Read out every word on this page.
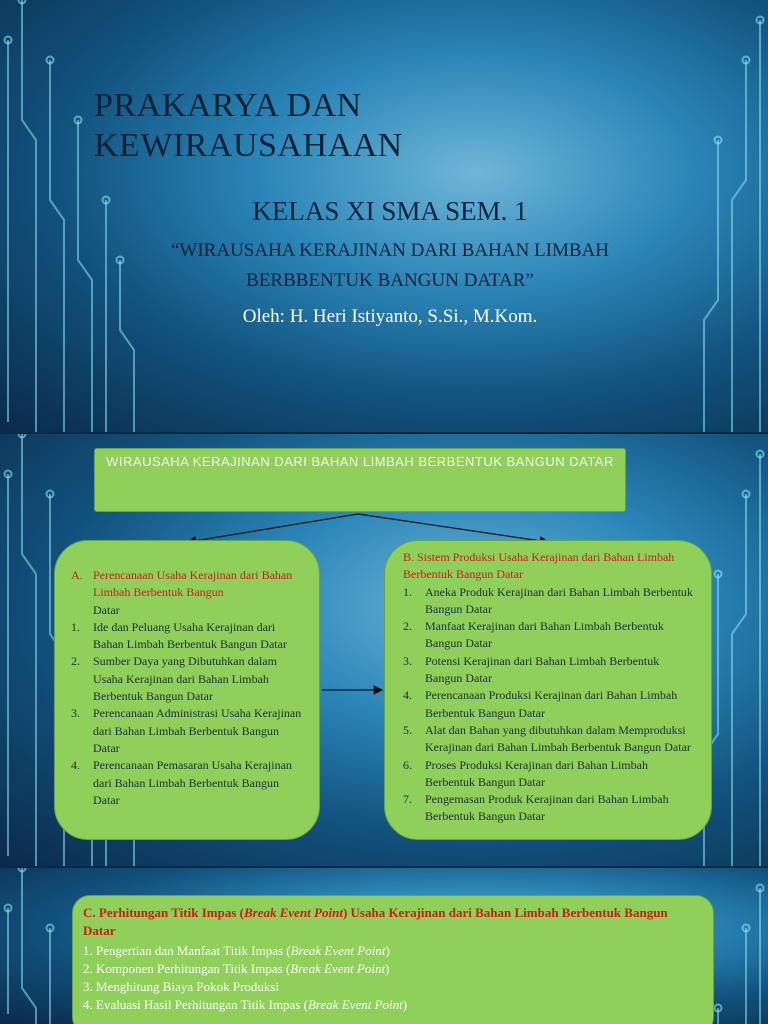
PRAKARYA DAN KEWIRAUSAHAAN

KELAS XI SMA SEM. 1

“WIRAUSAHA KERAJINAN DARI BAHAN LIMBAH
BERBBENTUK BANGUN DATAR”

Oleh: H. Heri Istiyanto, S.Si., M.Kom.

WIRAUSAHA KERAJINAN DARI BAHAN LIMBAH BERBENTUK BANGUN DATAR
A. Perencanaan Usaha Kerajinan dari Bahan Limbah Berbentuk Bangun
Datar
1. Ide dan Peluang Usaha Kerajinan dari Bahan Limbah Berbentuk Bangun Datar
2. Sumber Daya yang Dibutuhkan dalam Usaha Kerajinan dari Bahan Limbah Berbentuk Bangun Datar
3. Perencanaan Administrasi Usaha Kerajinan dari Bahan Limbah Berbentuk Bangun Datar
4. Perencanaan Pemasaran Usaha Kerajinan dari Bahan Limbah Berbentuk Bangun Datar

B. Sistem Produksi Usaha Kerajinan dari Bahan Limbah Berbentuk Bangun Datar

1. Aneka Produk Kerajinan dari Bahan Limbah Berbentuk Bangun Datar
2. Manfaat Kerajinan dari Bahan Limbah Berbentuk Bangun Datar
3. Potensi Kerajinan dari Bahan Limbah Berbentuk Bangun Datar
4. Perencanaan Produksi Kerajinan dari Bahan Limbah Berbentuk Bangun Datar
5. Alat dan Bahan yang dibutuhkan dalam Memproduksi Kerajinan dari Bahan Limbah Berbentuk Bangun Datar
6. Proses Produksi Kerajinan dari Bahan Limbah Berbentuk Bangun Datar
7. Pengemasan Produk Kerajinan dari Bahan Limbah Berbentuk Bangun Datar

C. Perhitungan Titik Impas (Break Event Point) Usaha Kerajinan dari Bahan Limbah Berbentuk Bangun Datar

1. Pengertian dan Manfaat Titik Impas (Break Event Point)
2. Komponen Perhitungan Titik Impas (Break Event Point)
3. Menghitung Biaya Pokok Produksi
4. Evaluasi Hasil Perhitungan Titik Impas (Break Event Point)
